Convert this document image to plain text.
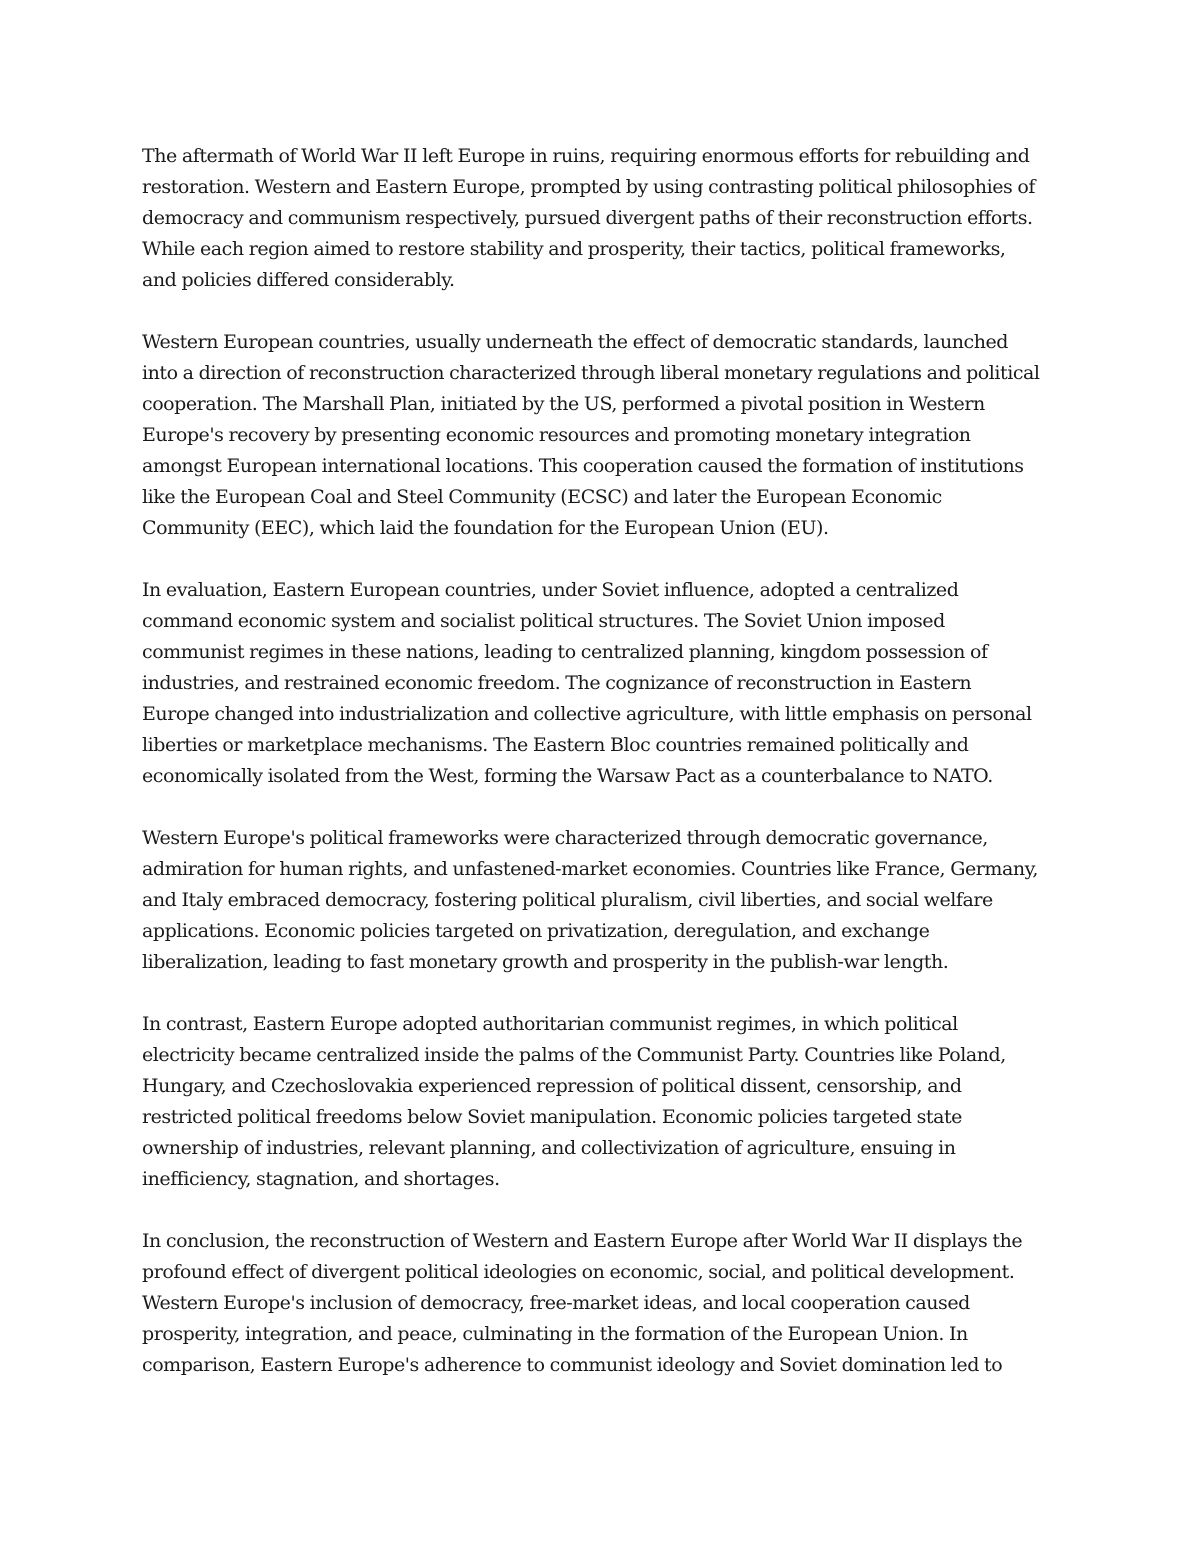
The aftermath of World War II left Europe in ruins, requiring enormous efforts for rebuilding and
restoration. Western and Eastern Europe, prompted by using contrasting political philosophies of
democracy and communism respectively, pursued divergent paths of their reconstruction efforts.
While each region aimed to restore stability and prosperity, their tactics, political frameworks,
and policies differed considerably.
Western European countries, usually underneath the effect of democratic standards, launched
into a direction of reconstruction characterized through liberal monetary regulations and political
cooperation. The Marshall Plan, initiated by the US, performed a pivotal position in Western
Europe's recovery by presenting economic resources and promoting monetary integration
amongst European international locations. This cooperation caused the formation of institutions
like the European Coal and Steel Community (ECSC) and later the European Economic
Community (EEC), which laid the foundation for the European Union (EU).
In evaluation, Eastern European countries, under Soviet influence, adopted a centralized
command economic system and socialist political structures. The Soviet Union imposed
communist regimes in these nations, leading to centralized planning, kingdom possession of
industries, and restrained economic freedom. The cognizance of reconstruction in Eastern
Europe changed into industrialization and collective agriculture, with little emphasis on personal
liberties or marketplace mechanisms. The Eastern Bloc countries remained politically and
economically isolated from the West, forming the Warsaw Pact as a counterbalance to NATO.
Western Europe's political frameworks were characterized through democratic governance,
admiration for human rights, and unfastened-market economies. Countries like France, Germany,
and Italy embraced democracy, fostering political pluralism, civil liberties, and social welfare
applications. Economic policies targeted on privatization, deregulation, and exchange
liberalization, leading to fast monetary growth and prosperity in the publish-war length.
In contrast, Eastern Europe adopted authoritarian communist regimes, in which political
electricity became centralized inside the palms of the Communist Party. Countries like Poland,
Hungary, and Czechoslovakia experienced repression of political dissent, censorship, and
restricted political freedoms below Soviet manipulation. Economic policies targeted state
ownership of industries, relevant planning, and collectivization of agriculture, ensuing in
inefficiency, stagnation, and shortages.
In conclusion, the reconstruction of Western and Eastern Europe after World War II displays the
profound effect of divergent political ideologies on economic, social, and political development.
Western Europe's inclusion of democracy, free-market ideas, and local cooperation caused
prosperity, integration, and peace, culminating in the formation of the European Union. In
comparison, Eastern Europe's adherence to communist ideology and Soviet domination led to
